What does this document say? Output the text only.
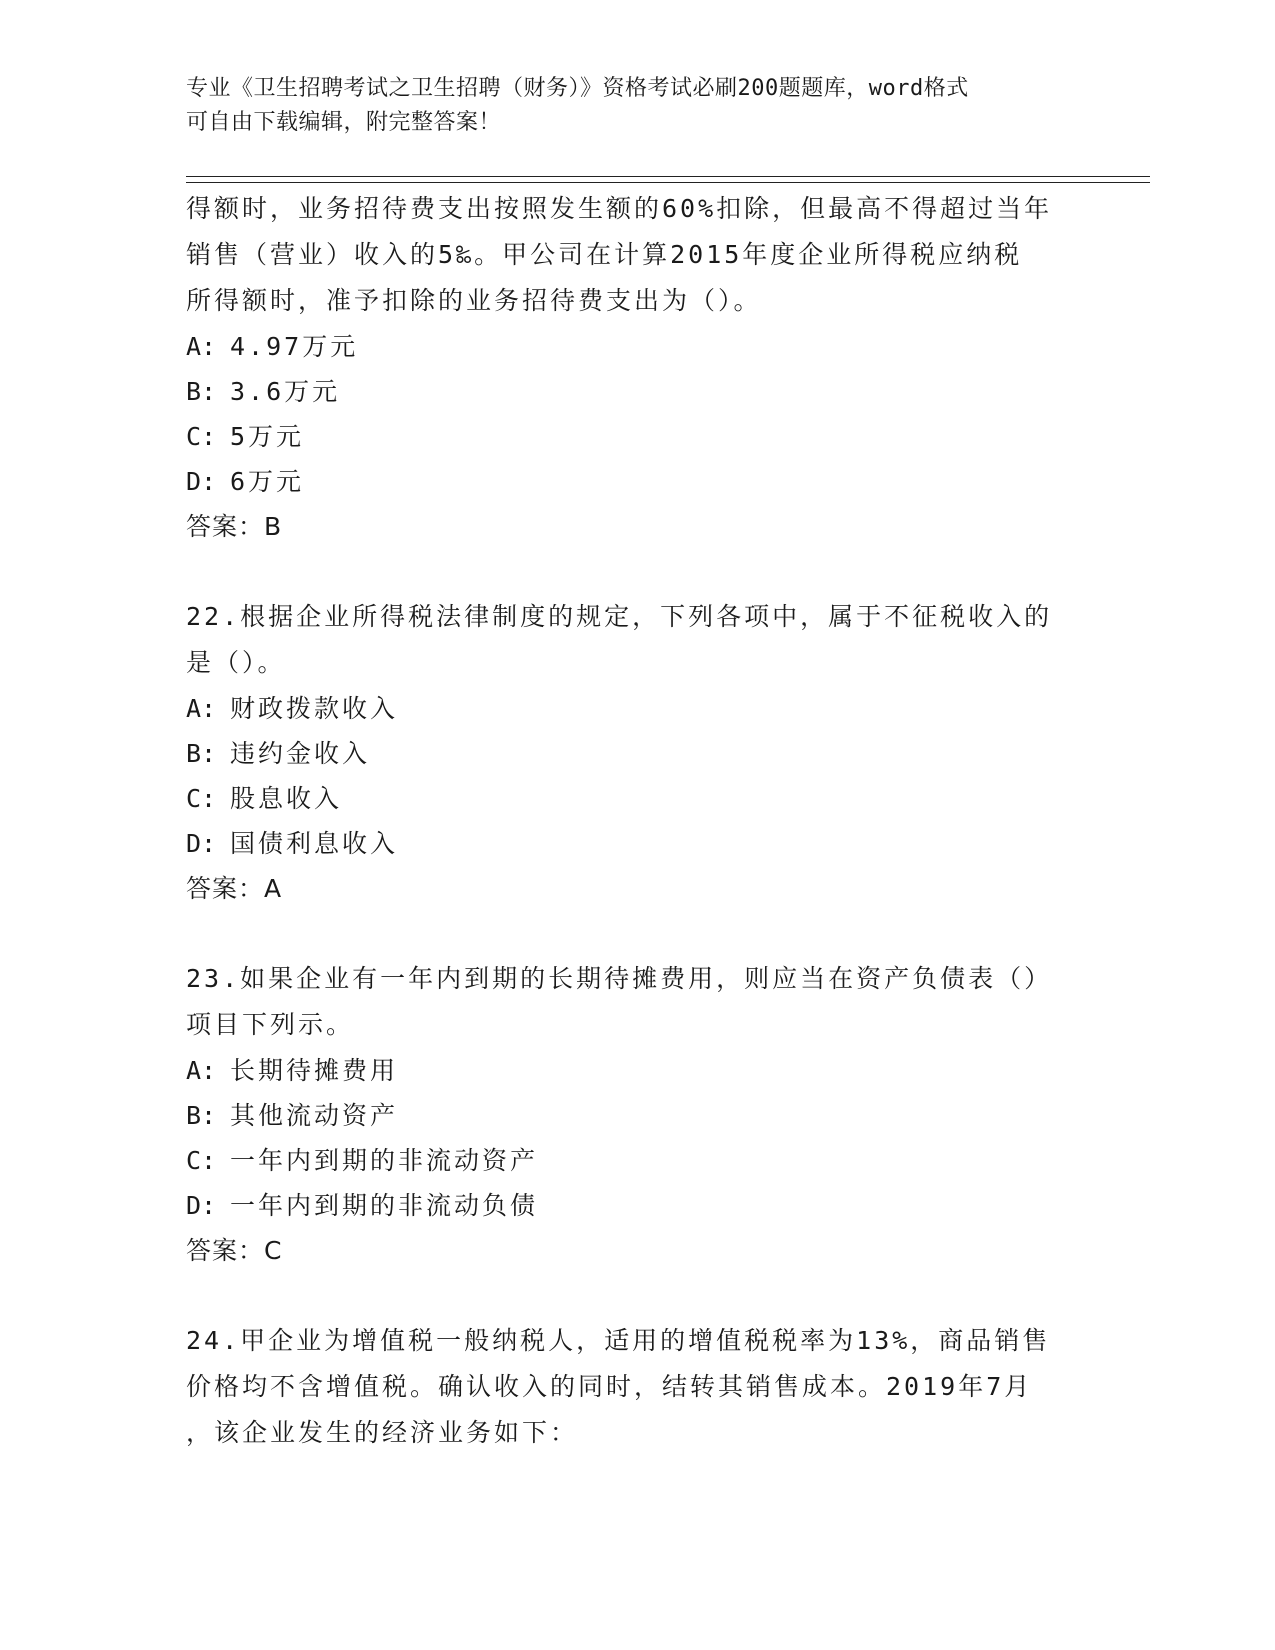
专业《卫生招聘考试之卫生招聘（财务）》资格考试必刷200题题库，word格式
可自由下载编辑，附完整答案！
得额时，业务招待费支出按照发生额的60%扣除，但最高不得超过当年
销售（营业）收入的5‰。甲公司在计算2015年度企业所得税应纳税
所得额时，准予扣除的业务招待费支出为（）。
A: 4.97万元
B: 3.6万元
C: 5万元
D: 6万元
答案：B
22.根据企业所得税法律制度的规定，下列各项中，属于不征税收入的
是（）。
A: 财政拨款收入
B: 违约金收入
C: 股息收入
D: 国债利息收入
答案：A
23.如果企业有一年内到期的长期待摊费用，则应当在资产负债表（）
项目下列示。
A: 长期待摊费用
B: 其他流动资产
C: 一年内到期的非流动资产
D: 一年内到期的非流动负债
答案：C
24.甲企业为增值税一般纳税人，适用的增值税税率为13%，商品销售
价格均不含增值税。确认收入的同时，结转其销售成本。2019年7月
，该企业发生的经济业务如下：
